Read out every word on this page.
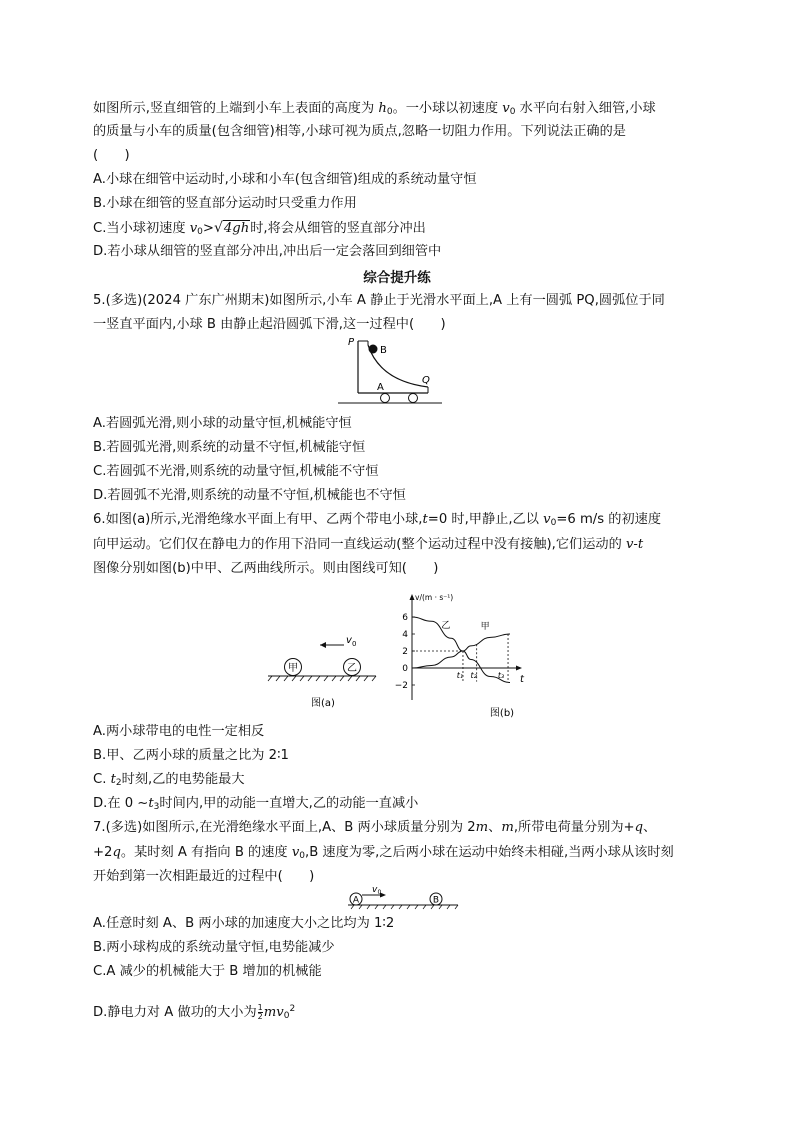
如图所示,竖直细管的上端到小车上表面的高度为 $h_0$。一小球以初速度 $v_0$ 水平向右射入细管,小球
的质量与小车的质量(包含细管)相等,小球可视为质点,忽略一切阻力作用。下列说法正确的是
(　　)
A.小球在细管中运动时,小球和小车(包含细管)组成的系统动量守恒
B.小球在细管的竖直部分运动时只受重力作用
C.当小球初速度 $v_0>√4gh$时,将会从细管的竖直部分冲出
D.若小球从细管的竖直部分冲出,冲出后一定会落回到细管中
综合提升练
5.(多选)(2024 广东广州期末)如图所示,小车 A 静止于光滑水平面上,A 上有一圆弧 PQ,圆弧位于同
一竖直平面内,小球 B 由静止起沿圆弧下滑,这一过程中(　　)
P
B
A
Q
A.若圆弧光滑,则小球的动量守恒,机械能守恒
B.若圆弧光滑,则系统的动量不守恒,机械能守恒
C.若圆弧不光滑,则系统的动量守恒,机械能不守恒
D.若圆弧不光滑,则系统的动量不守恒,机械能也不守恒
6.如图(a)所示,光滑绝缘水平面上有甲、乙两个带电小球,t=0 时,甲静止,乙以 $v_0=6$ m/s 的初速度
向甲运动。它们仅在静电力的作用下沿同一直线运动(整个运动过程中没有接触),它们运动的 v-t
图像分别如图(b)中甲、乙两曲线所示。则由图线可知(　　)
v 0
甲	乙
图(a)
v/(m · s⁻¹)
t
图(b)
6
4
2
0
−2
t₁ t₂	t₃
乙	甲
A.两小球带电的电性一定相反
B.甲、乙两小球的质量之比为 2∶1
C. $t_2$时刻,乙的电势能最大
D.在 0 $\sim t_3$时间内,甲的动能一直增大,乙的动能一直减小
7.(多选)如图所示,在光滑绝缘水平面上,A、B 两小球质量分别为 2m、m,所带电荷量分别为+q、
+2q。某时刻 A 有指向 B 的速度 $v_0,B$ 速度为零,之后两小球在运动中始终未相碰,当两小球从该时刻
开始到第一次相距最近的过程中(　　)
A	B
v 0
A.任意时刻 A、B 两小球的加速度大小之比均为 1∶2
B.两小球构成的系统动量守恒,电势能减少
C.A 减少的机械能大于 B 增加的机械能
D.静电力对 A 做功的大小为 $\frac{1}{2} mv_0^2$
